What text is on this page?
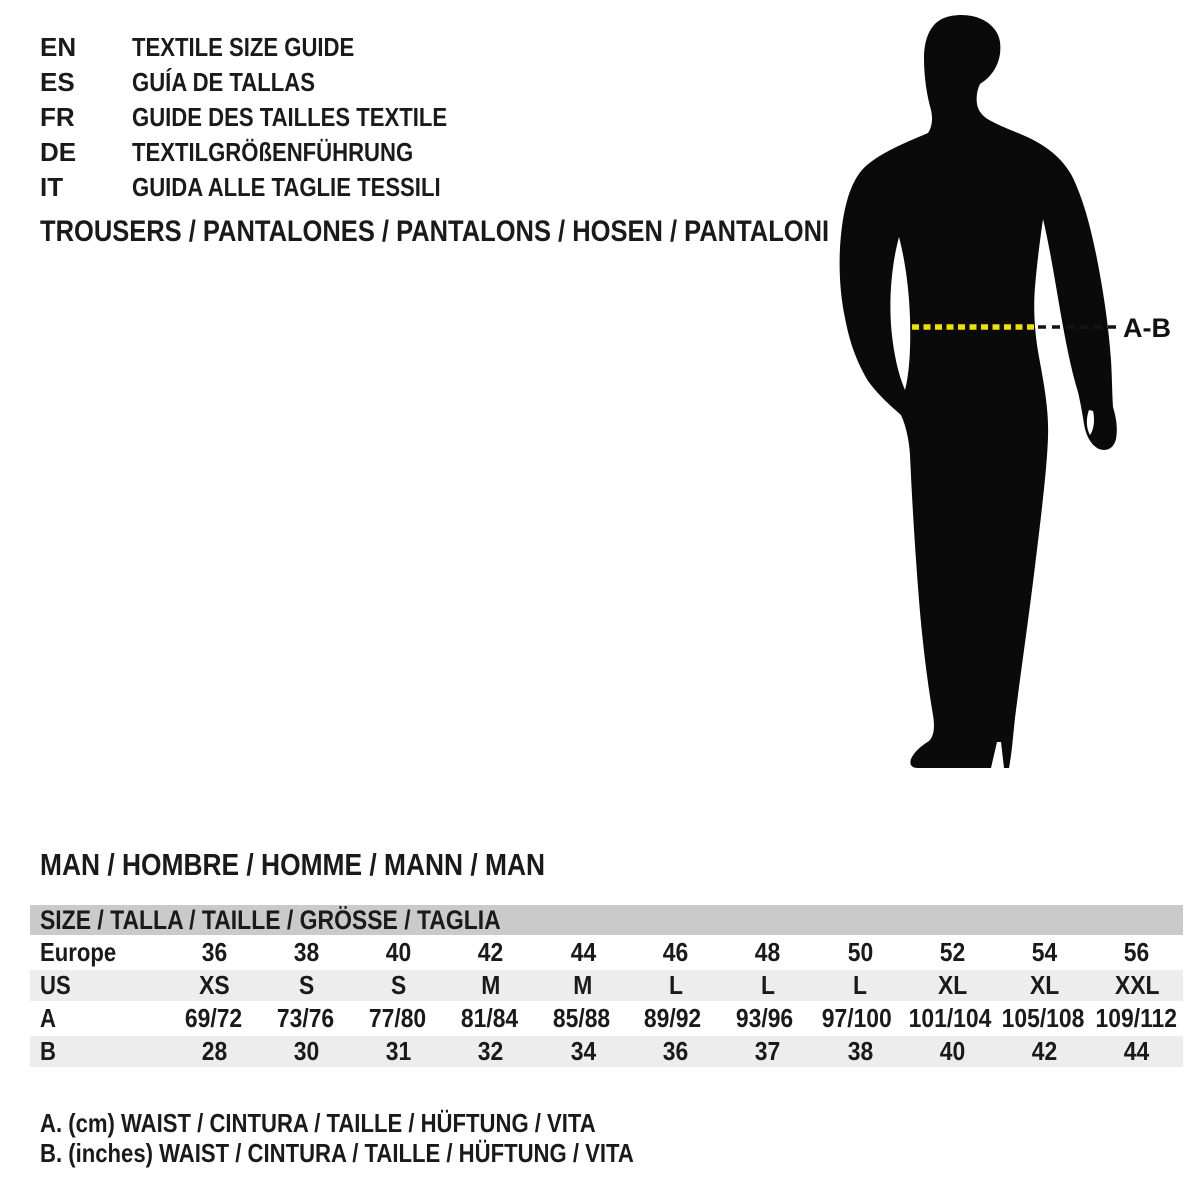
EN TEXTILE SIZE GUIDE
ES GUÍA DE TALLAS
FR GUIDE DES TAILLES TEXTILE
DE TEXTILGRÖßENFÜHRUNG
IT	GUIDA ALLE TAGLIE TESSILI
TROUSERS / PANTALONES / PANTALONS / HOSEN / PANTALONI
A-B
MAN / HOMBRE / HOMME / MANN / MAN
SIZE / TALLA / TAILLE / GRÖSSE / TAGLIA
Europe	36	38	40	42	44	46	48	50	52	54	56
US	XS	S	S	M	M	L	L	L	XL	XL	XXL
A	69/72	73/76	77/80	81/84	85/88	89/92	93/96	97/100 101/104 105/108 109/112
B	28	30	31	32	34	36	37	38	40	42	44
A. (cm) WAIST / CINTURA / TAILLE / HÜFTUNG / VITA
B. (inches) WAIST / CINTURA / TAILLE / HÜFTUNG / VITA
